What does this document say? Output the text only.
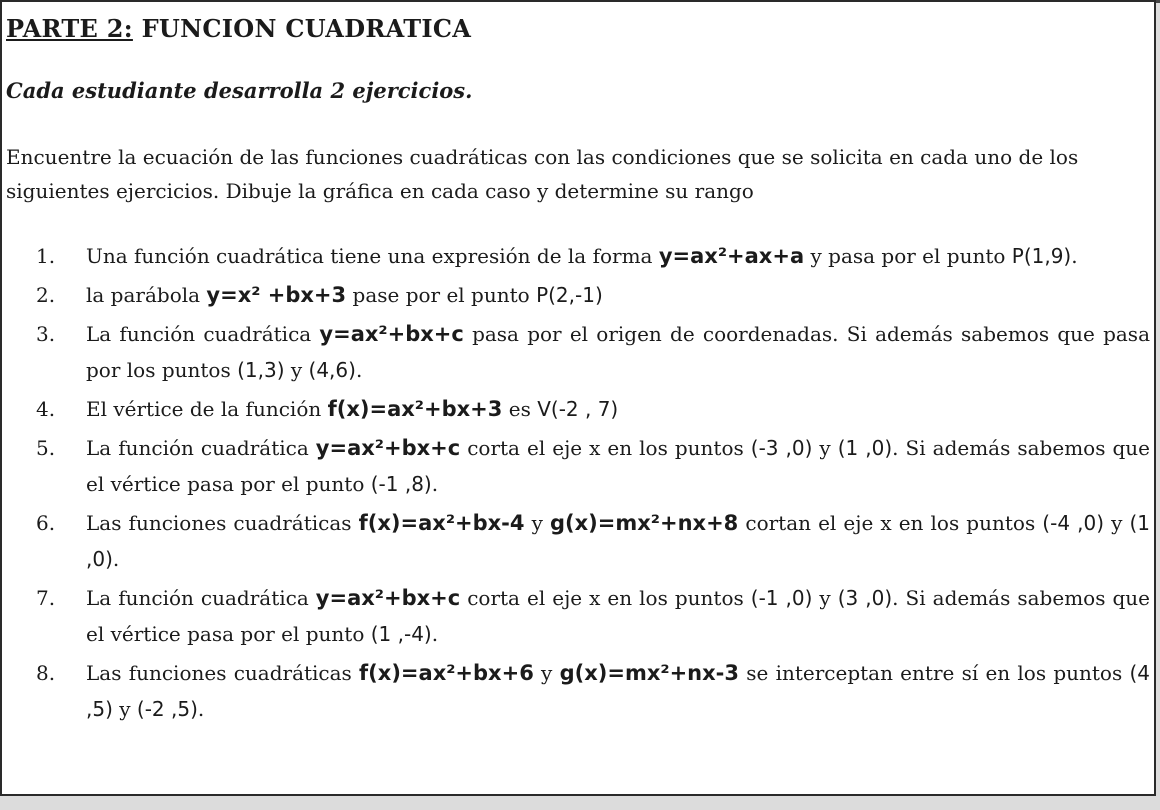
PARTE 2: FUNCION CUADRATICA
Cada estudiante desarrolla 2 ejercicios.
Encuentre la ecuación de las funciones cuadráticas con las condiciones que se solicita en cada uno de los siguientes ejercicios. Dibuje la gráfica en cada caso y determine su rango
1. Una función cuadrática tiene una expresión de la forma y=ax²+ax+a y pasa por el punto P(1,9).
2. la parábola y=x² +bx+3 pase por el punto P(2,-1)
3. La función cuadrática y=ax²+bx+c pasa por el origen de coordenadas. Si además sabemos que pasa por los puntos (1,3) y (4,6).
4. El vértice de la función f(x)=ax²+bx+3 es V(-2 , 7)
5. La función cuadrática y=ax²+bx+c corta el eje x en los puntos (-3 ,0) y (1 ,0). Si además sabemos que el vértice pasa por el punto (-1 ,8).
6. Las funciones cuadráticas f(x)=ax²+bx-4 y g(x)=mx²+nx+8 cortan el eje x en los puntos (-4 ,0) y (1 ,0).
7. La función cuadrática y=ax²+bx+c corta el eje x en los puntos (-1 ,0) y (3 ,0). Si además sabemos que el vértice pasa por el punto (1 ,-4).
8. Las funciones cuadráticas f(x)=ax²+bx+6 y g(x)=mx²+nx-3 se interceptan entre sí en los puntos (4 ,5) y (-2 ,5).
